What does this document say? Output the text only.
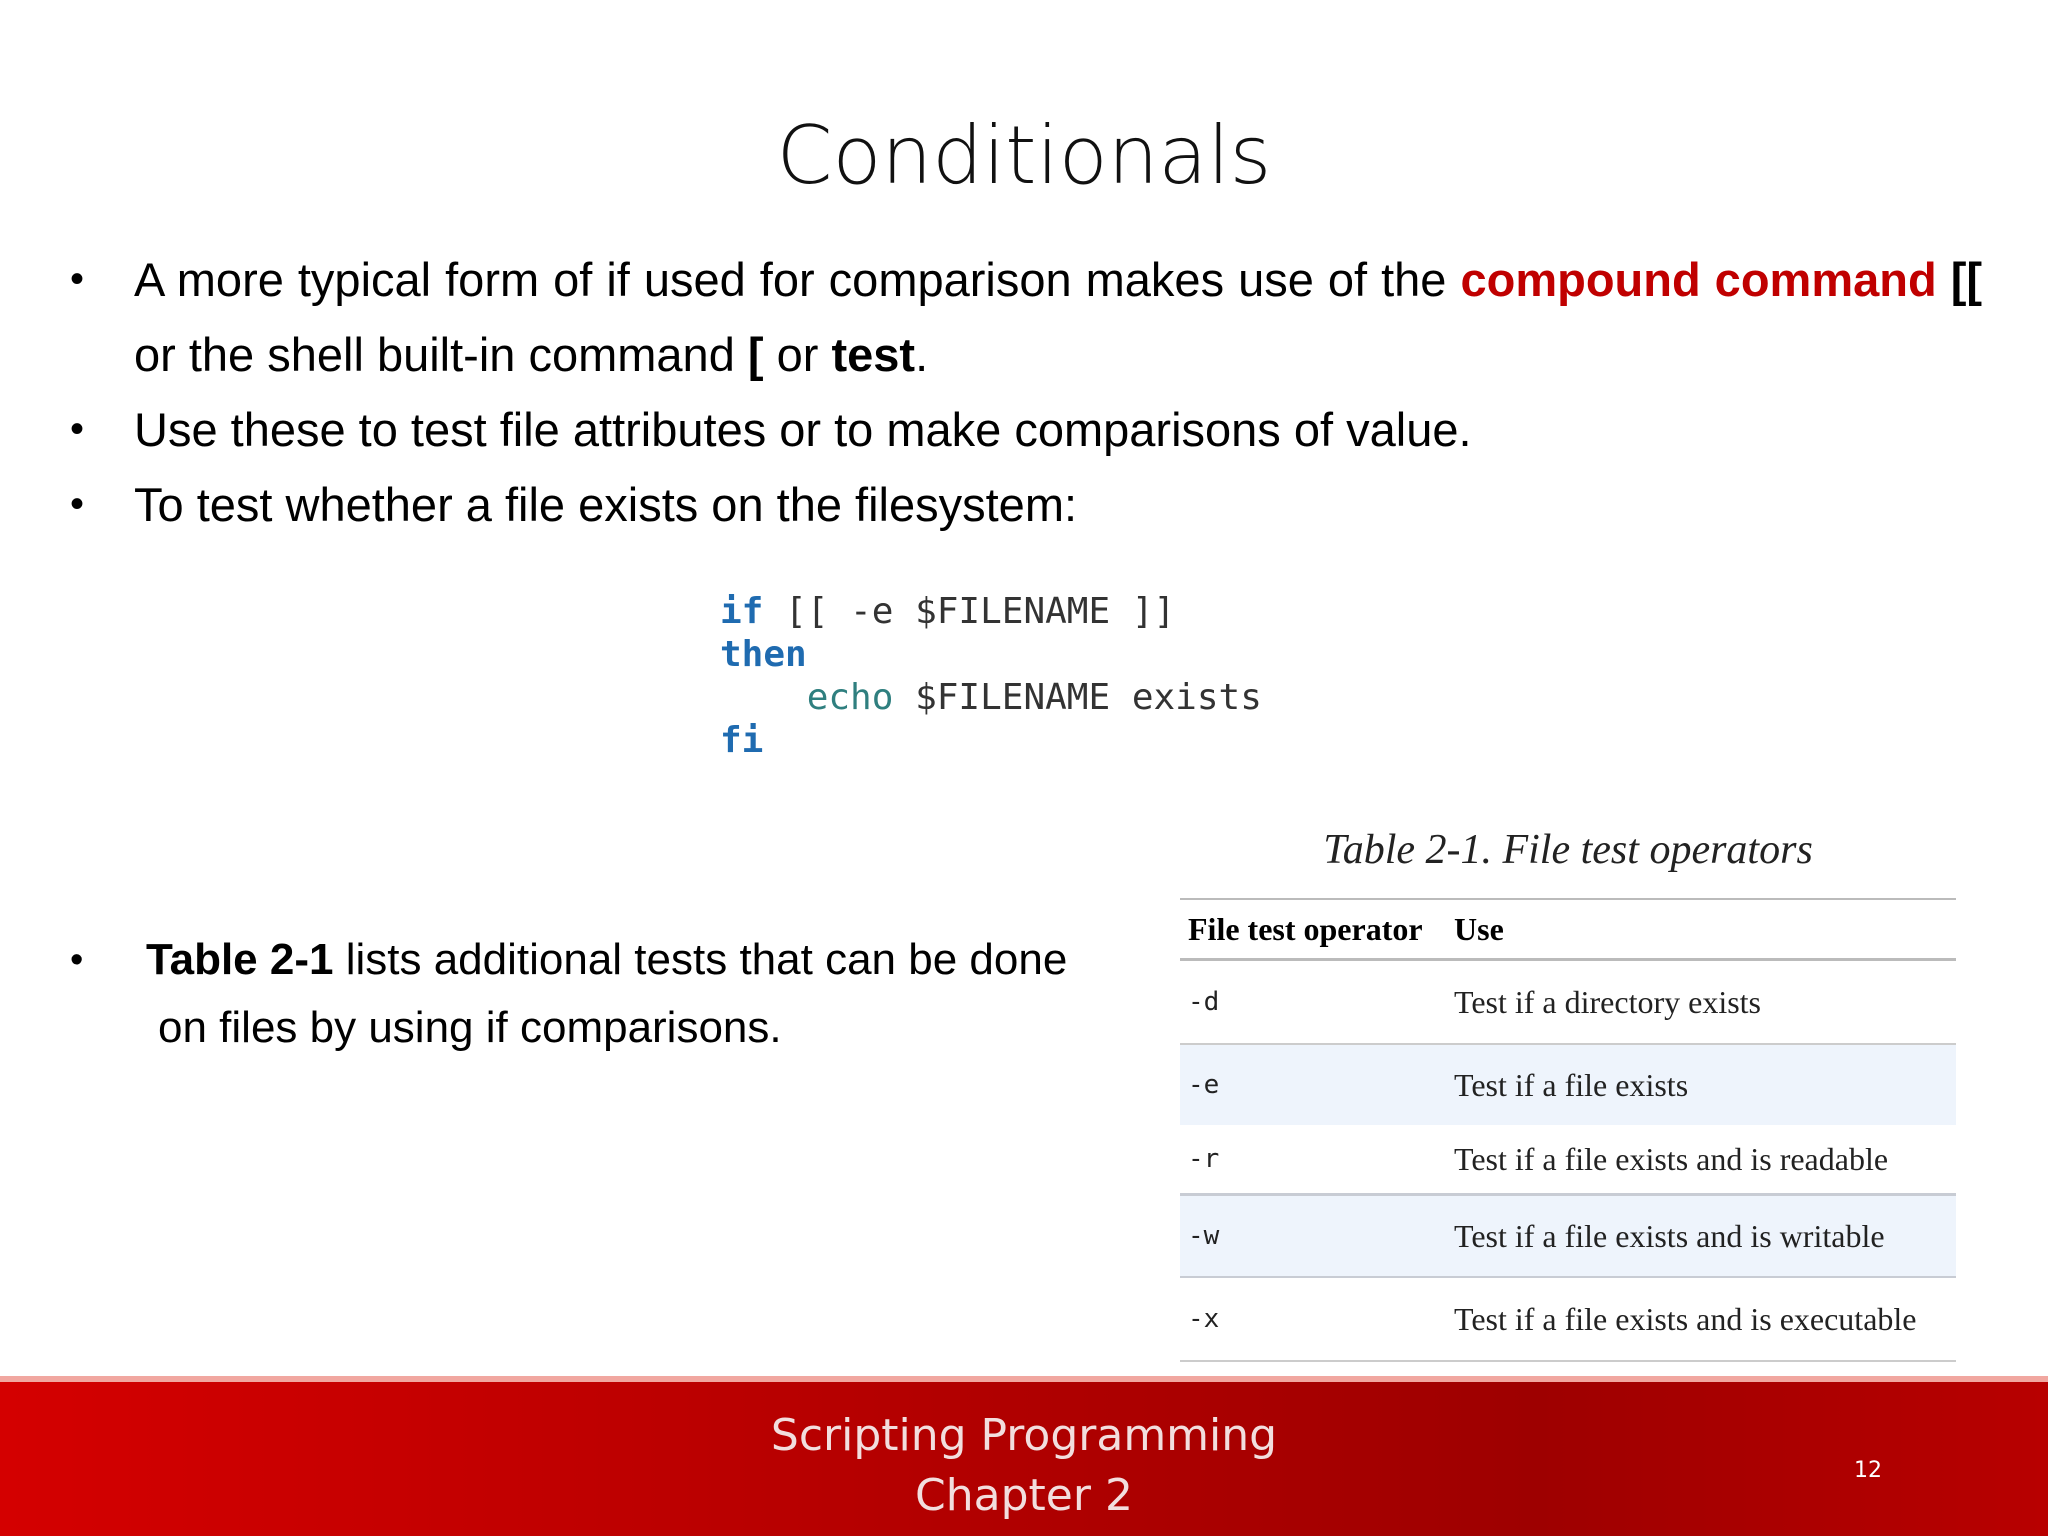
Conditionals
• A more typical form of if used for comparison makes use of the compound command [[ or the shell built-in command [ or test.
• Use these to test file attributes or to make comparisons of value.
• To test whether a file exists on the filesystem:
if [[ -e $FILENAME ]]
then
echo $FILENAME exists
fi
•	Table 2-1 lists additional tests that can be done
on files by using if comparisons.
Table 2-1. File test operators
File test operator	Use
-d	Test if a directory exists
-e	Test if a file exists
-r	Test if a file exists and is readable
-w	Test if a file exists and is writable
-x	Test if a file exists and is executable
Scripting Programming
Chapter 2	12
